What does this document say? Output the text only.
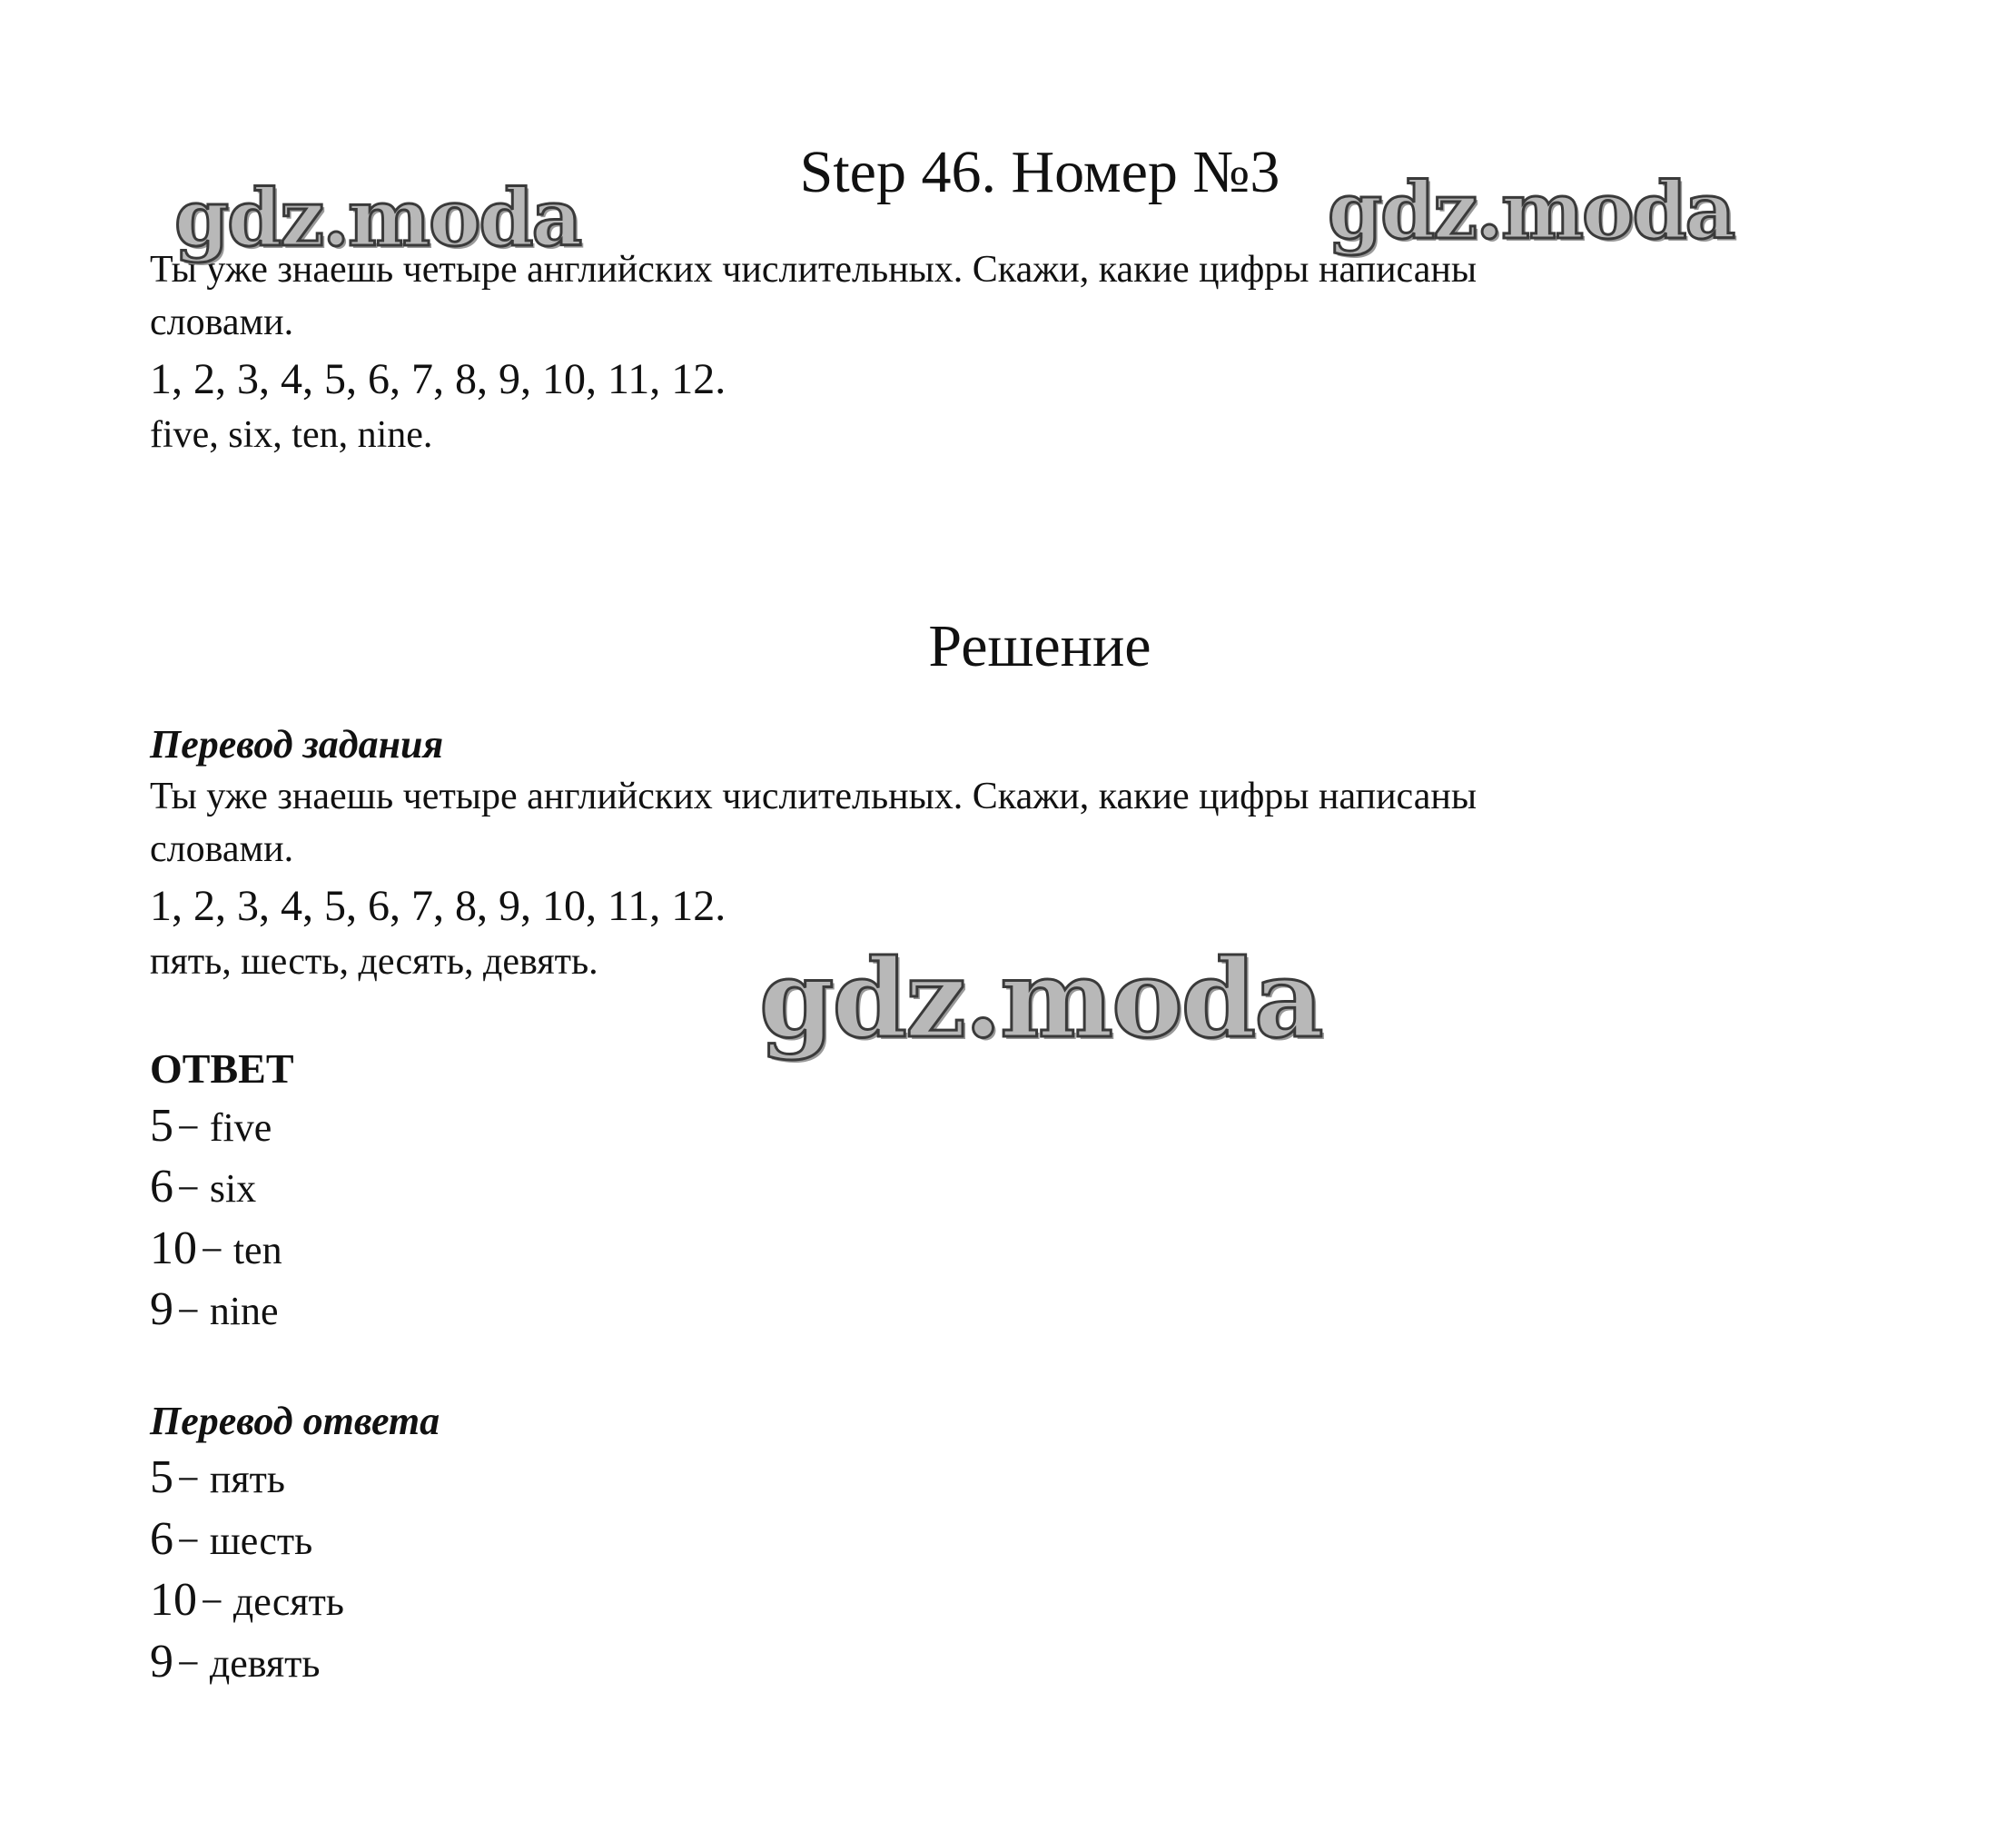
Step 46. Номер №3
Ты уже знаешь четыре английских числительных. Скажи, какие цифры написаны
словами.
1, 2, 3, 4, 5, 6, 7, 8, 9, 10, 11, 12.
five, six, ten, nine.
Решение
Перевод задания
Ты уже знаешь четыре английских числительных. Скажи, какие цифры написаны
словами.
1, 2, 3, 4, 5, 6, 7, 8, 9, 10, 11, 12.
пять, шесть, десять, девять.
ОТВЕТ
5 − five
6 − six
10 − ten
9 − nine
Перевод ответа
5 − пять
6 − шесть
10 − десять
9 − девять
gdz.moda	gdz.moda
gdz.moda
